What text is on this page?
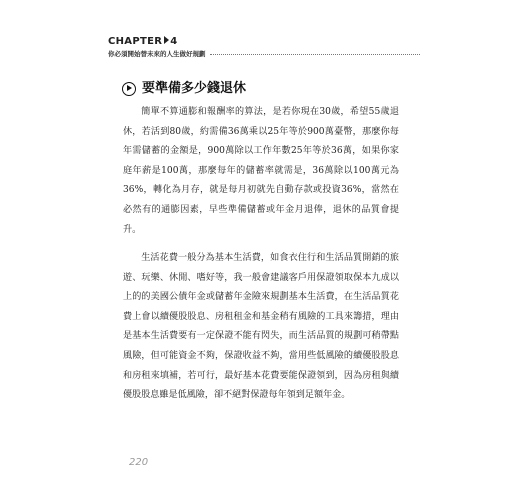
CHAPTER 4
你必須開始替未來的人生做好規劃
要準備多少錢退休

簡單不算通膨和報酬率的算法，是若你現在30歲，希望55歲退休，若活到80歲，約需備36萬乘以25年等於900萬臺幣，那麼你每年需儲蓄的金額是，900萬除以工作年數25年等於36萬，如果你家庭年薪是100萬，那麼每年的儲蓄率就需是，36萬除以100萬元為36%，轉化為月存，就是每月初就先自動存款或投資36%，當然在必然有的通膨因素，早些準備儲蓄或年金月退俸，退休的品質會提升。

生活花費一般分為基本生活費，如食衣住行和生活品質開銷的旅遊、玩樂、休閒、嗜好等，我一般會建議客戶用保證領取保本九成以上的的美國公債年金或儲蓄年金險來規劃基本生活費，在生活品質花費上會以續優股股息、房租租金和基金稍有風險的工具來籌措，理由是基本生活費要有一定保證不能有閃失，而生活品質的規劃可稍帶點風險，但可能資金不夠，保證收益不夠，當用些低風險的續優股股息和房租來填補，若可行，最好基本花費要能保證領到，因為房租與續優股股息雖是低風險，卻不絕對保證每年領到足額年金。

220
